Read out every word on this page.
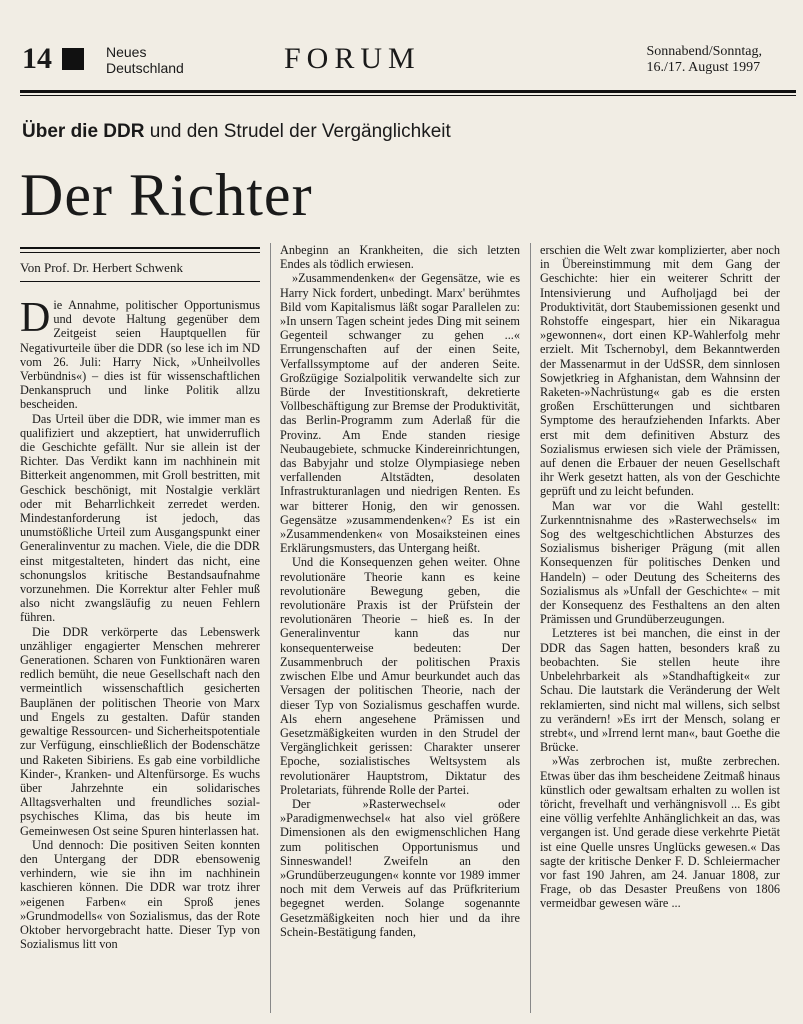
14	Neues
Deutschland	FORUM	Sonnabend/Sonntag,
16./17. August 1997
Über die DDR und den Strudel der Vergänglichkeit
Der Richter
Von Prof. Dr. Herbert Schwenk

Die Annahme, politischer Opportunismus und devote Haltung gegenüber dem Zeitgeist seien Hauptquellen für Negativurteile über die DDR (so lese ich im ND vom 26. Juli: Harry Nick, »Unheilvolles Verbündnis«) – dies ist für wissenschaftlichen Denkanspruch und linke Politik allzu bescheiden.

Das Urteil über die DDR, wie immer man es qualifiziert und akzeptiert, hat unwiderruflich die Geschichte gefällt. Nur sie allein ist der Richter. Das Verdikt kann im nachhinein mit Bitterkeit angenommen, mit Groll bestritten, mit Geschick beschönigt, mit Nostalgie verklärt oder mit Beharrlichkeit zerredet werden. Mindestanforderung ist jedoch, das unumstößliche Urteil zum Ausgangspunkt einer Generalinventur zu machen. Viele, die die DDR einst mitgestalteten, hindert das nicht, eine schonungslos kritische Bestandsaufnahme vorzunehmen. Die Korrektur alter Fehler muß also nicht zwangsläufig zu neuen Fehlern führen.

Die DDR verkörperte das Lebenswerk unzähliger engagierter Menschen mehrerer Generationen. Scharen von Funktionären waren redlich bemüht, die neue Gesellschaft nach den vermeintlich wissenschaftlich gesicherten Bauplänen der politischen Theorie von Marx und Engels zu gestalten. Dafür standen gewaltige Ressourcen- und Sicherheitspotentiale zur Verfügung, einschließlich der Bodenschätze und Raketen Sibiriens. Es gab eine vorbildliche Kinder-, Kranken- und Altenfürsorge. Es wuchs über Jahrzehnte ein solidarisches Alltagsverhalten und freundliches sozial-psychisches Klima, das bis heute im Gemeinwesen Ost seine Spuren hinterlassen hat.

Und dennoch: Die positiven Seiten konnten den Untergang der DDR ebensowenig verhindern, wie sie ihn im nachhinein kaschieren können. Die DDR war trotz ihrer »eigenen Farben« ein Sproß jenes »Grundmodells« von Sozialismus, das der Rote Oktober hervorgebracht hatte. Dieser Typ von Sozialismus litt von

Anbeginn an Krankheiten, die sich letzten Endes als tödlich erwiesen.

»Zusammendenken« der Gegensätze, wie es Harry Nick fordert, unbedingt. Marx' berühmtes Bild vom Kapitalismus läßt sogar Parallelen zu: »In unsern Tagen scheint jedes Ding mit seinem Gegenteil schwanger zu gehen ...« Errungenschaften auf der einen Seite, Verfallssymptome auf der anderen Seite. Großzügige Sozialpolitik verwandelte sich zur Bürde der Investitionskraft, dekretierte Vollbeschäftigung zur Bremse der Produktivität, das Berlin-Programm zum Aderlaß für die Provinz. Am Ende standen riesige Neubaugebiete, schmucke Kindereinrichtungen, das Babyjahr und stolze Olympiasiege neben verfallenden Altstädten, desolaten Infrastrukturanlagen und niedrigen Renten. Es war bitterer Honig, den wir genossen. Gegensätze »zusammendenken«? Es ist ein »Zusammendenken« von Mosaiksteinen eines Erklärungsmusters, das Untergang heißt.

Und die Konsequenzen gehen weiter. Ohne revolutionäre Theorie kann es keine revolutionäre Bewegung geben, die revolutionäre Praxis ist der Prüfstein der revolutionären Theorie – hieß es. In der Generalinventur kann das nur konsequenterweise bedeuten: Der Zusammenbruch der politischen Praxis zwischen Elbe und Amur beurkundet auch das Versagen der politischen Theorie, nach der dieser Typ von Sozialismus geschaffen wurde. Als ehern angesehene Prämissen und Gesetzmäßigkeiten wurden in den Strudel der Vergänglichkeit gerissen: Charakter unserer Epoche, sozialistisches Weltsystem als revolutionärer Hauptstrom, Diktatur des Proletariats, führende Rolle der Partei.

Der »Rasterwechsel« oder »Paradigmenwechsel« hat also viel größere Dimensionen als den ewigmenschlichen Hang zum politischen Opportunismus und Sinneswandel! Zweifeln an den »Grundüberzeugungen« konnte vor 1989 immer noch mit dem Verweis auf das Prüfkriterium begegnet werden. Solange sogenannte Gesetzmäßigkeiten noch hier und da ihre Schein-Bestätigung fanden,

erschien die Welt zwar komplizierter, aber noch in Übereinstimmung mit dem Gang der Geschichte: hier ein weiterer Schritt der Intensivierung und Aufholjagd bei der Produktivität, dort Staubemissionen gesenkt und Rohstoffe eingespart, hier ein Nikaragua »gewonnen«, dort einen KP-Wahlerfolg mehr erzielt. Mit Tschernobyl, dem Bekanntwerden der Massenarmut in der UdSSR, dem sinnlosen Sowjetkrieg in Afghanistan, dem Wahnsinn der Raketen-»Nachrüstung« gab es die ersten großen Erschütterungen und sichtbaren Symptome des heraufziehenden Infarkts. Aber erst mit dem definitiven Absturz des Sozialismus erwiesen sich viele der Prämissen, auf denen die Erbauer der neuen Gesellschaft ihr Werk gesetzt hatten, als von der Geschichte geprüft und zu leicht befunden.

Man war vor die Wahl gestellt: Zurkenntnisnahme des »Rasterwechsels« im Sog des weltgeschichtlichen Absturzes des Sozialismus bisheriger Prägung (mit allen Konsequenzen für politisches Denken und Handeln) – oder Deutung des Scheiterns des Sozialismus als »Unfall der Geschichte« – mit der Konsequenz des Festhaltens an den alten Prämissen und Grundüberzeugungen.

Letzteres ist bei manchen, die einst in der DDR das Sagen hatten, besonders kraß zu beobachten. Sie stellen heute ihre Unbelehrbarkeit als »Standhaftigkeit« zur Schau. Die lautstark die Veränderung der Welt reklamierten, sind nicht mal willens, sich selbst zu verändern! »Es irrt der Mensch, solang er strebt«, und »Irrend lernt man«, baut Goethe die Brücke.

»Was zerbrochen ist, mußte zerbrechen. Etwas über das ihm bescheidene Zeitmaß hinaus künstlich oder gewaltsam erhalten zu wollen ist töricht, frevelhaft und verhängnisvoll ... Es gibt eine völlig verfehlte Anhänglichkeit an das, was vergangen ist. Und gerade diese verkehrte Pietät ist eine Quelle unsres Unglücks gewesen.« Das sagte der kritische Denker F. D. Schleiermacher vor fast 190 Jahren, am 24. Januar 1808, zur Frage, ob das Desaster Preußens von 1806 vermeidbar gewesen wäre ...
